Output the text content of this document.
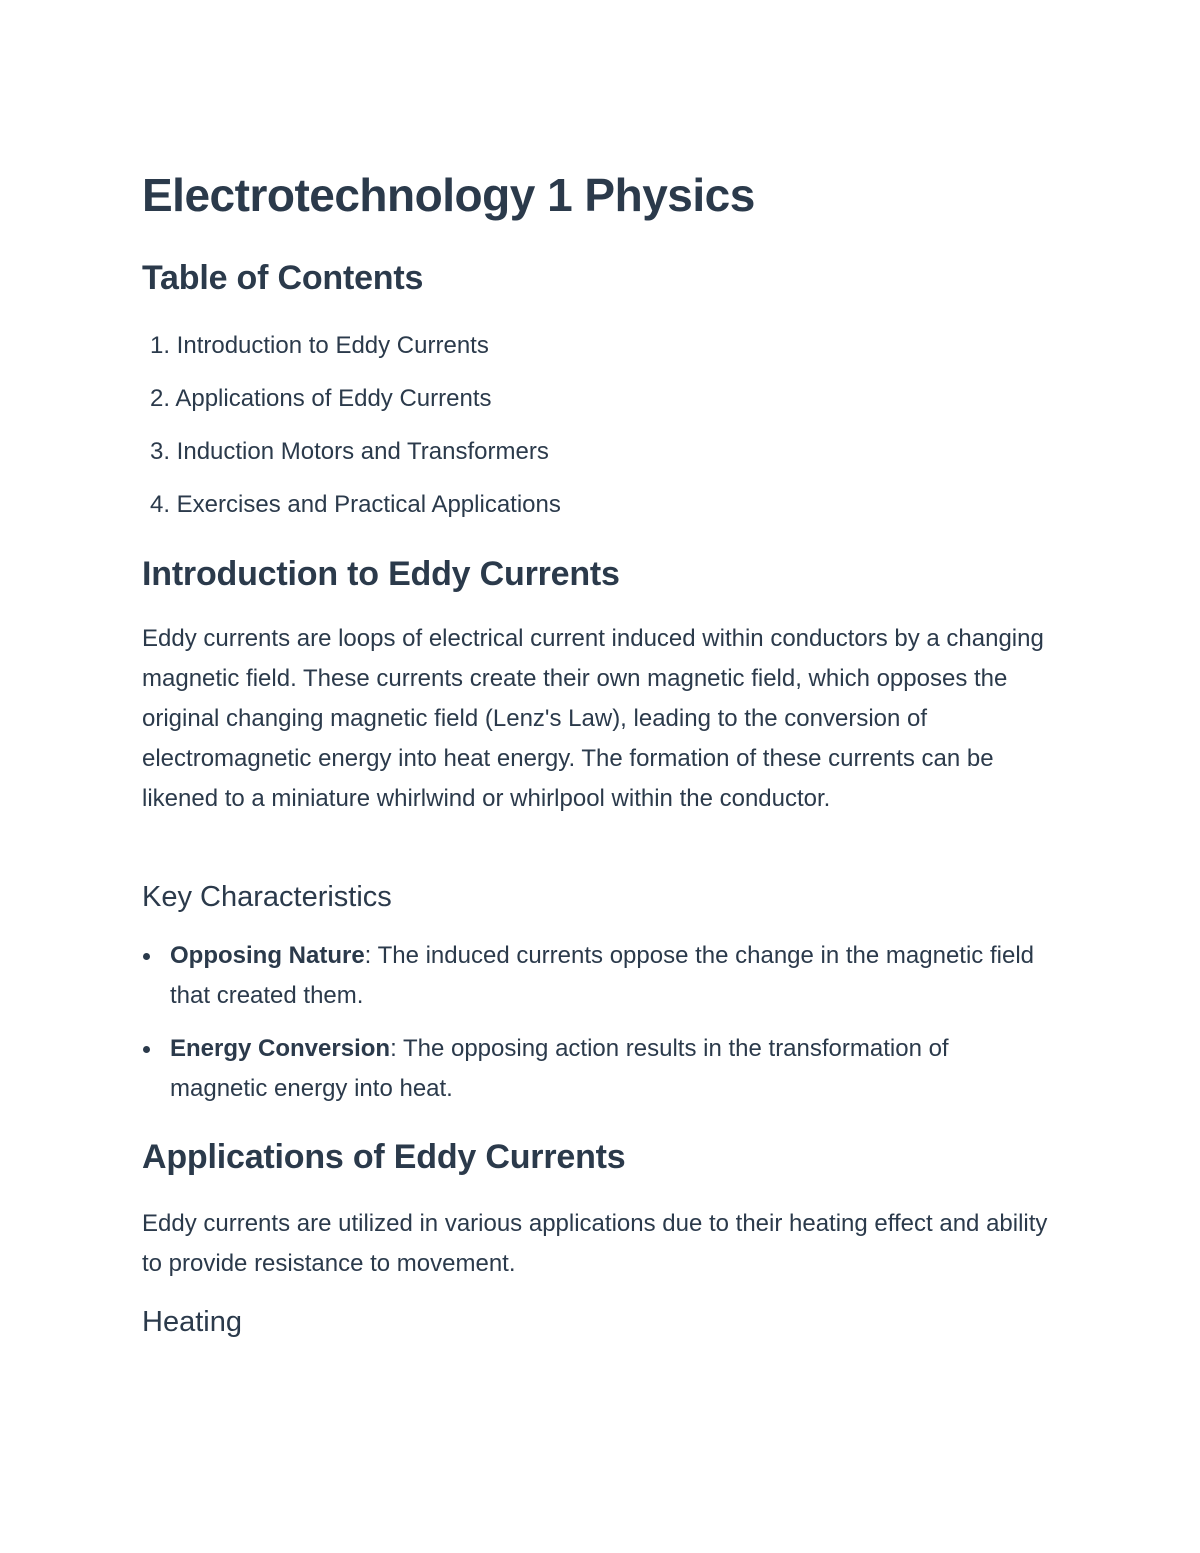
Electrotechnology 1 Physics
Table of Contents
1. Introduction to Eddy Currents
2. Applications of Eddy Currents
3. Induction Motors and Transformers
4. Exercises and Practical Applications
Introduction to Eddy Currents

Eddy currents are loops of electrical current induced within conductors by a changing magnetic field. These currents create their own magnetic field, which opposes the original changing magnetic field (Lenz's Law), leading to the conversion of electromagnetic energy into heat energy. The formation of these currents can be likened to a miniature whirlwind or whirlpool within the conductor.

Key Characteristics
Opposing Nature: The induced currents oppose the change in the magnetic field that created them.
Energy Conversion: The opposing action results in the transformation of magnetic energy into heat.
Applications of Eddy Currents

Eddy currents are utilized in various applications due to their heating effect and ability to provide resistance to movement.

Heating
